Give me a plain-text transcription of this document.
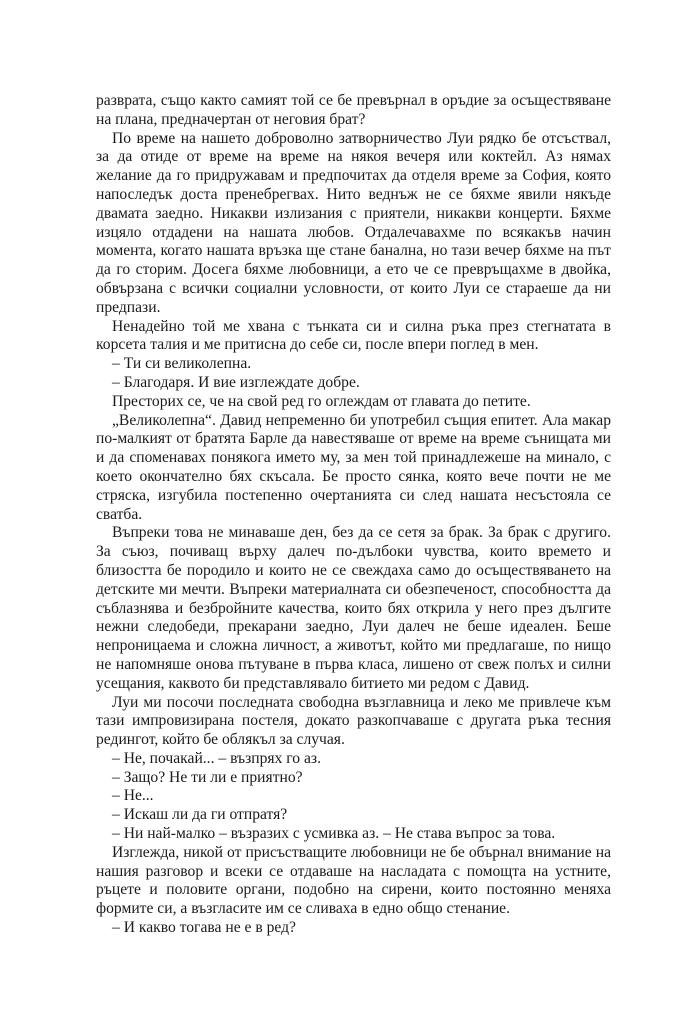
разврата, също както самият той се бе превърнал в оръдие за осъществяване на плана, предначертан от неговия брат?

По време на нашето доброволно затворничество Луи рядко бе отсъствал, за да отиде от време на време на някоя вечеря или коктейл. Аз нямах желание да го придружавам и предпочитах да отделя време за София, която напоследък доста пренебрегвах. Нито веднъж не се бяхме явили някъде двамата заедно. Никакви излизания с приятели, никакви концерти. Бяхме изцяло отдадени на нашата любов. Отдалечавахме по всякакъв начин момента, когато нашата връзка ще стане банална, но тази вечер бяхме на път да го сторим. Досега бяхме любовници, а ето че се превръщахме в двойка, обвързана с всички социални условности, от които Луи се стараеше да ни предпази.

Ненадейно той ме хвана с тънката си и силна ръка през стегнатата в корсета талия и ме притисна до себе си, после впери поглед в мен.

– Ти си великолепна.

– Благодаря. И вие изглеждате добре.

Престорих се, че на свой ред го оглеждам от главата до петите.

„Великолепна“. Давид непременно би употребил същия епитет. Ала макар по-малкият от братята Барле да навестяваше от време на време сънищата ми и да споменавах понякога името му, за мен той принадлежеше на минало, с което окончателно бях скъсала. Бе просто сянка, която вече почти не ме стряска, изгубила постепенно очертанията си след нашата несъстояла се сватба.

Въпреки това не минаваше ден, без да се сетя за брак. За брак с другиго. За съюз, почиващ върху далеч по-дълбоки чувства, които времето и близостта бе породило и които не се свеждаха само до осъществяването на детските ми мечти. Въпреки материалната си обезпеченост, способността да съблазнява и безбройните качества, които бях открила у него през дългите нежни следобеди, прекарани заедно, Луи далеч не беше идеален. Беше непроницаема и сложна личност, а животът, който ми предлагаше, по нищо не напомняше онова пътуване в първа класа, лишено от свеж полъх и силни усещания, каквото би представлявало битието ми редом с Давид.

Луи ми посочи последната свободна възглавница и леко ме привлече към тази импровизирана постеля, докато разкопчаваше с другата ръка тесния редингот, който бе облякъл за случая.

– Не, почакай... – възпрях го аз.

– Защо? Не ти ли е приятно?

– Не...

– Искаш ли да ги отпратя?

– Ни най-малко – възразих с усмивка аз. – Не става въпрос за това.

Изглежда, никой от присъстващите любовници не бе обърнал внимание на нашия разговор и всеки се отдаваше на насладата с помощта на устните, ръцете и половите органи, подобно на сирени, които постоянно меняха формите си, а възгласите им се сливаха в едно общо стенание.

– И какво тогава не е в ред?
